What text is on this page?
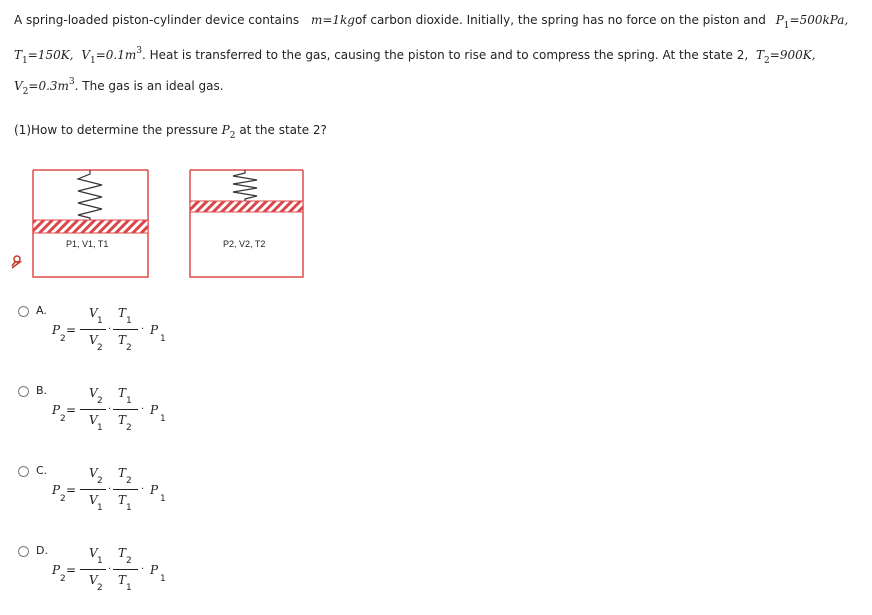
A spring-loaded piston-cylinder device contains m=1kgof carbon dioxide. Initially, the spring has no force on the piston and $P_1=500kPa$,
$T_1=150K$, $V_1=0.1m^3$. Heat is transferred to the gas, causing the piston to rise and to compress the spring. At the state 2, $T_2=900K$,
$V_2=0.3m^3$. The gas is an ideal gas.
(1)How to determine the pressure $P_2$ at the state 2?
P1, V1, T1	P2, V2, T2
A.
P
2
=
V
1
V
2
·
T
1
T
2
· P
1
B.
P
2
=
V
2
V
1
·
T
1
T
2
· P
1
C.
P
2
=
V
2
V
1
·
T
2
T
1
· P
1
D.
P
2
=
V
1
V
2
·
T
2
T
1
· P
1
